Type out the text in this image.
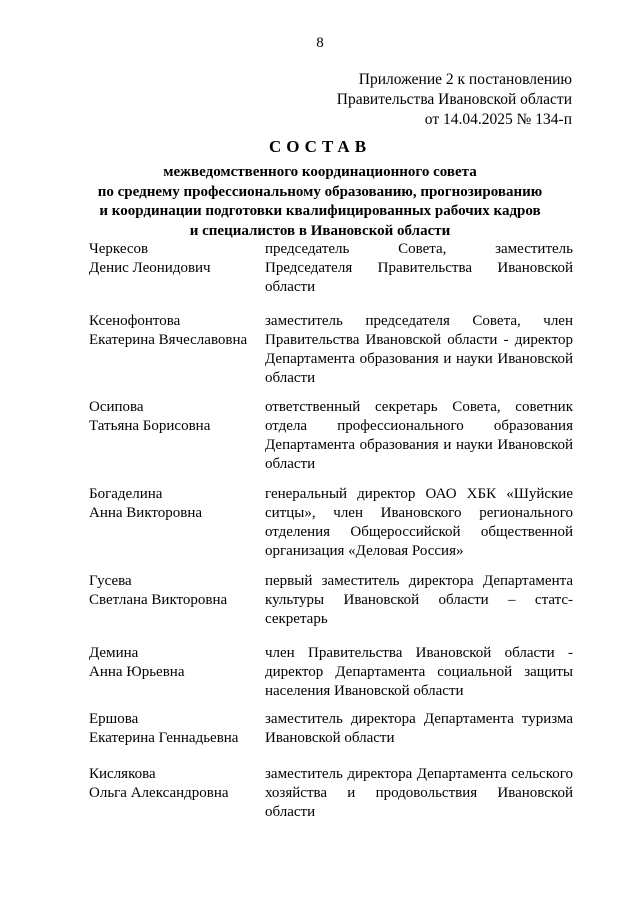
8
Приложение 2 к постановлению
Правительства Ивановской области
от 14.04.2025 № 134-п
СОСТАВ
межведомственного координационного совета
по среднему профессиональному образованию, прогнозированию
и координации подготовки квалифицированных рабочих кадров
и специалистов в Ивановской области
Черкесов
Денис Леонидович
председатель Совета, заместитель Председателя Правительства Ивановской области
Ксенофонтова
Екатерина Вячеславовна
заместитель председателя Совета, член Правительства Ивановской области - директор Департамента образования и науки Ивановской области
Осипова
Татьяна Борисовна
ответственный секретарь Совета, советник отдела профессионального образования Департамента образования и науки Ивановской области
Богаделина
Анна Викторовна
генеральный директор ОАО ХБК «Шуйские ситцы», член Ивановского регионального отделения Общероссийской общественной организация «Деловая Россия»
Гусева
Светлана Викторовна
первый заместитель директора Департамента культуры Ивановской области – статс-секретарь
Демина
Анна Юрьевна
член Правительства Ивановской области - директор Департамента социальной защиты населения Ивановской области
Ершова
Екатерина Геннадьевна
заместитель директора Департамента туризма Ивановской области
Кислякова
Ольга Александровна
заместитель директора Департамента сельского хозяйства и продовольствия Ивановской области
